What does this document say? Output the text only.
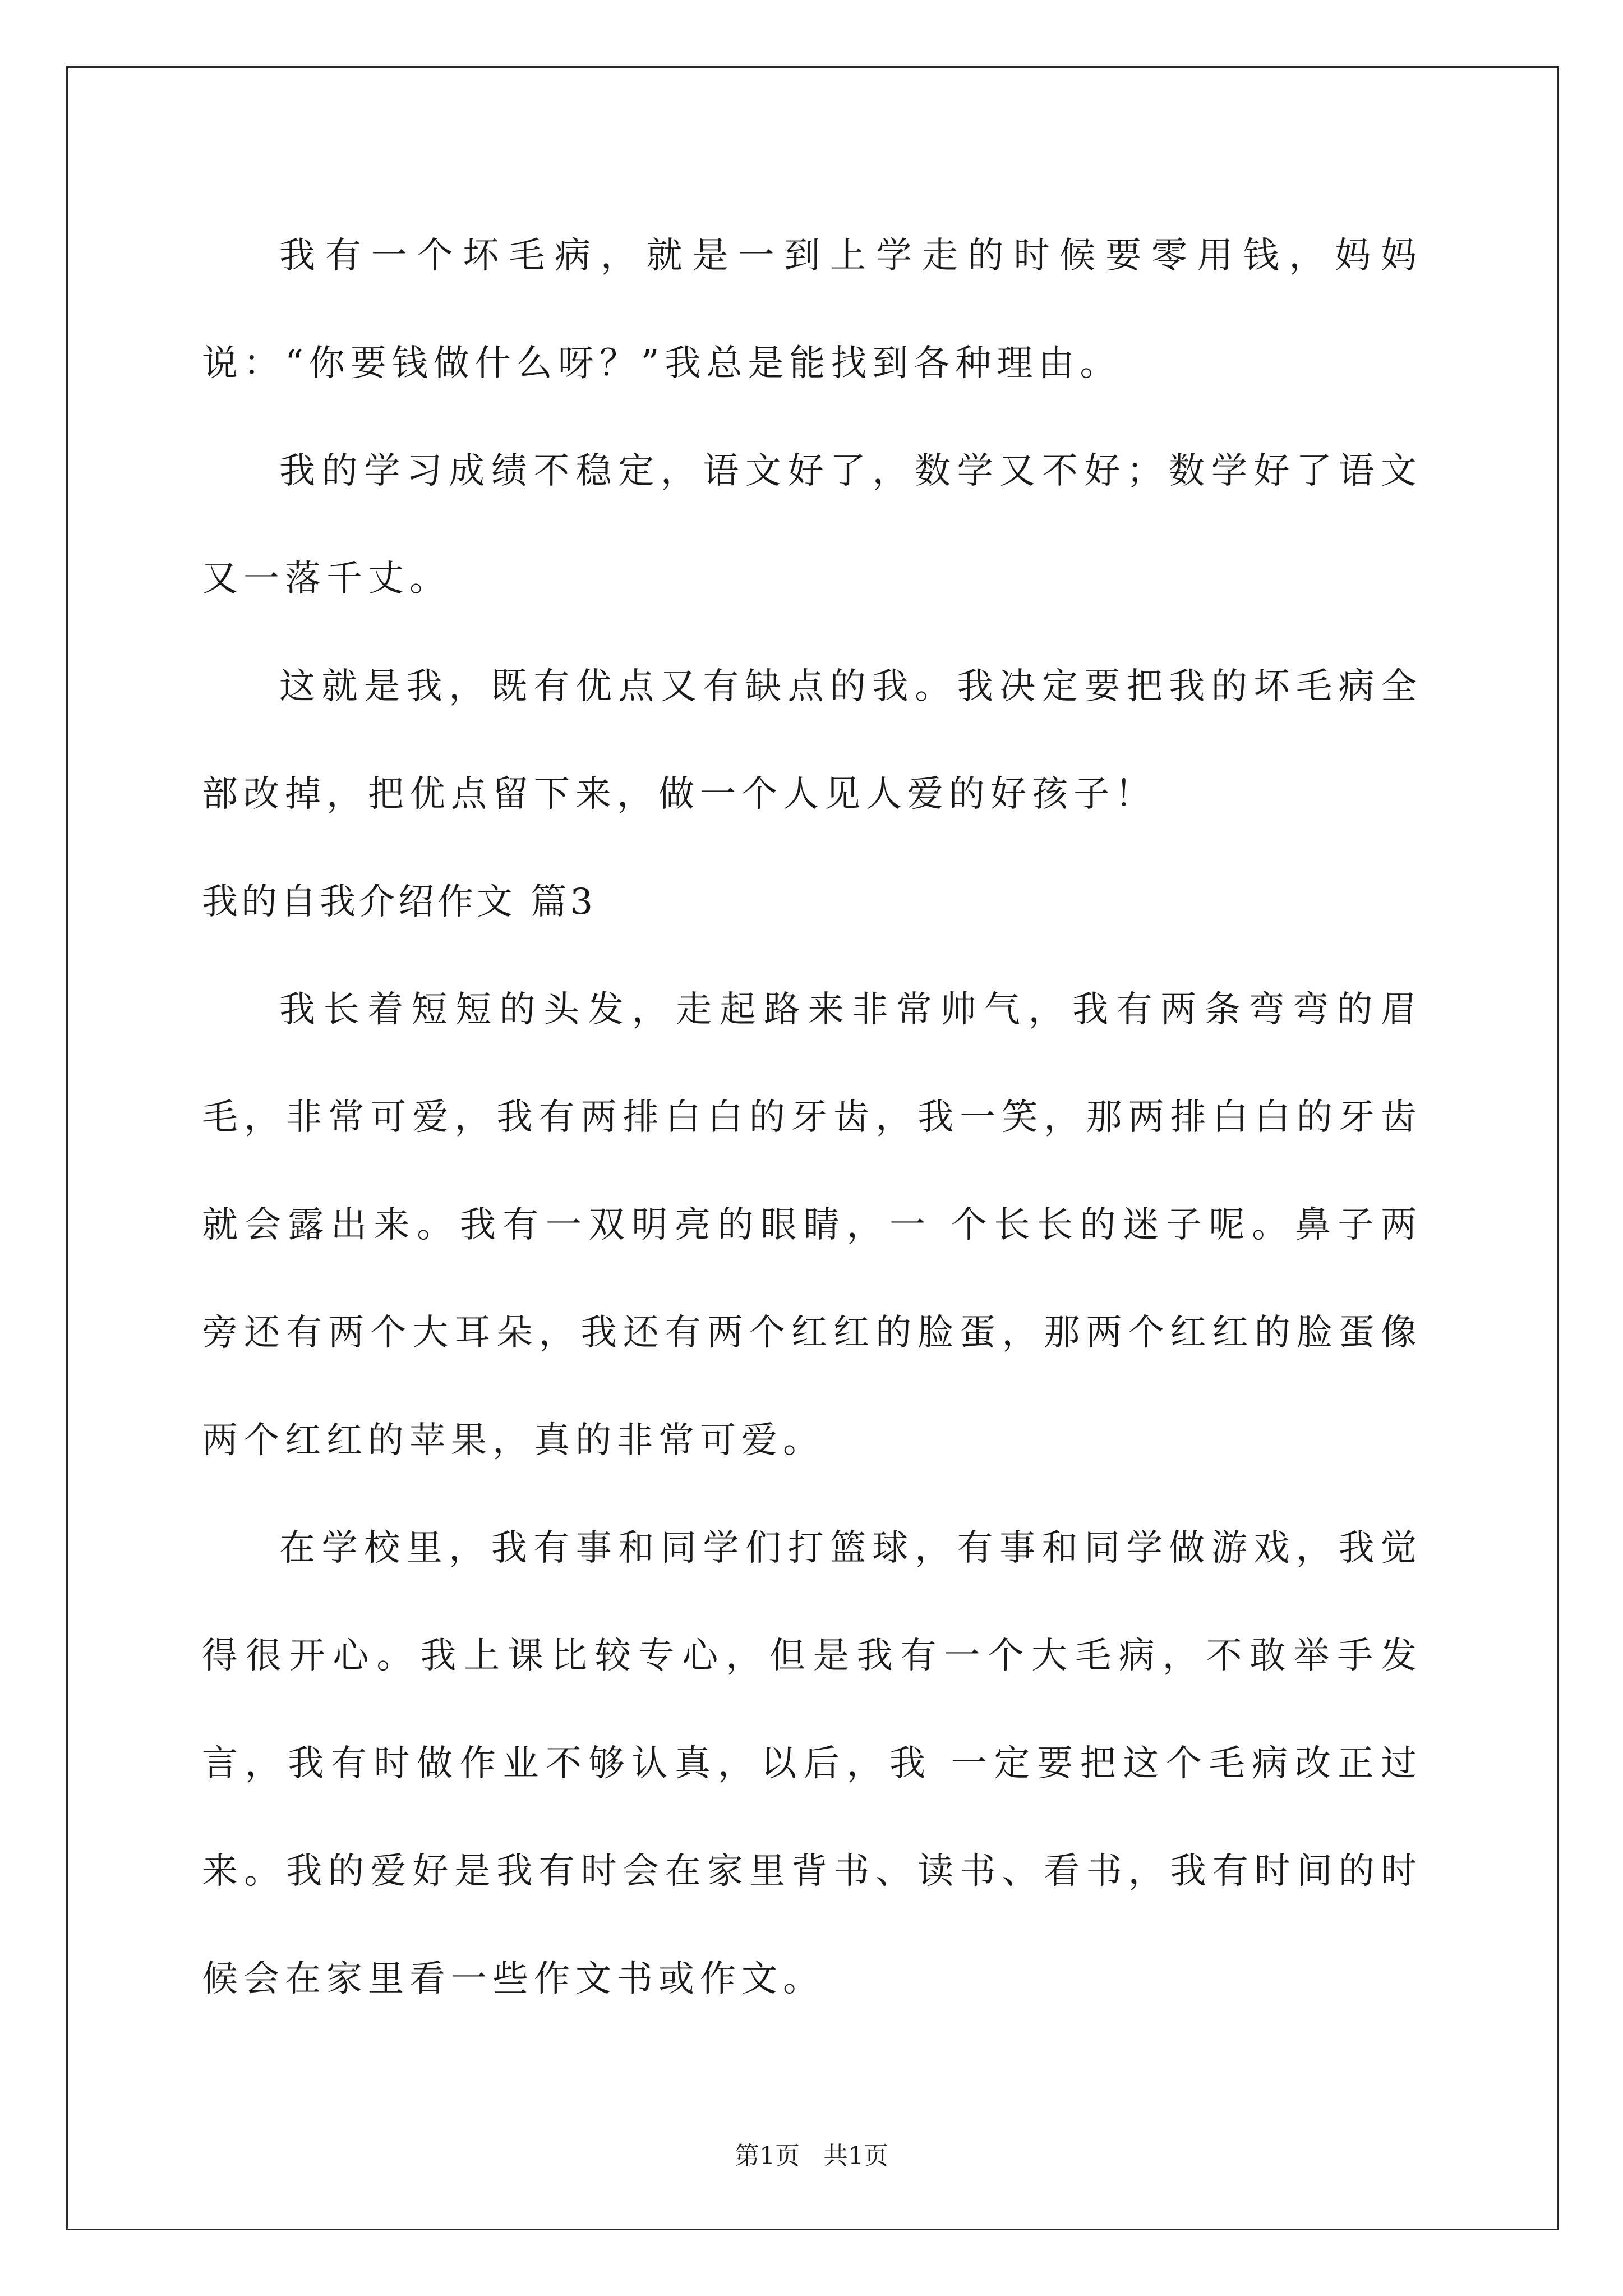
我有一个坏毛病，就是一到上学走的时候要零用钱，妈妈说：“你要钱做什么呀？”我总是能找到各种理由。

我的学习成绩不稳定，语文好了，数学又不好；数学好了语文又一落千丈。

这就是我，既有优点又有缺点的我。我决定要把我的坏毛病全部改掉，把优点留下来，做一个人见人爱的好孩子！

我的自我介绍作文 篇3

我长着短短的头发，走起路来非常帅气，我有两条弯弯的眉毛，非常可爱，我有两排白白的牙齿，我一笑，那两排白白的牙齿就会露出来。我有一双明亮的眼睛，一 个长长的迷子呢。鼻子两旁还有两个大耳朵，我还有两个红红的脸蛋，那两个红红的脸蛋像两个红红的苹果，真的非常可爱。

在学校里，我有事和同学们打篮球，有事和同学做游戏，我觉得很开心。我上课比较专心，但是我有一个大毛病，不敢举手发言，我有时做作业不够认真，以后，我 一定要把这个毛病改正过来。我的爱好是我有时会在家里背书、读书、看书，我有时间的时候会在家里看一些作文书或作文。

第1页   共1页
